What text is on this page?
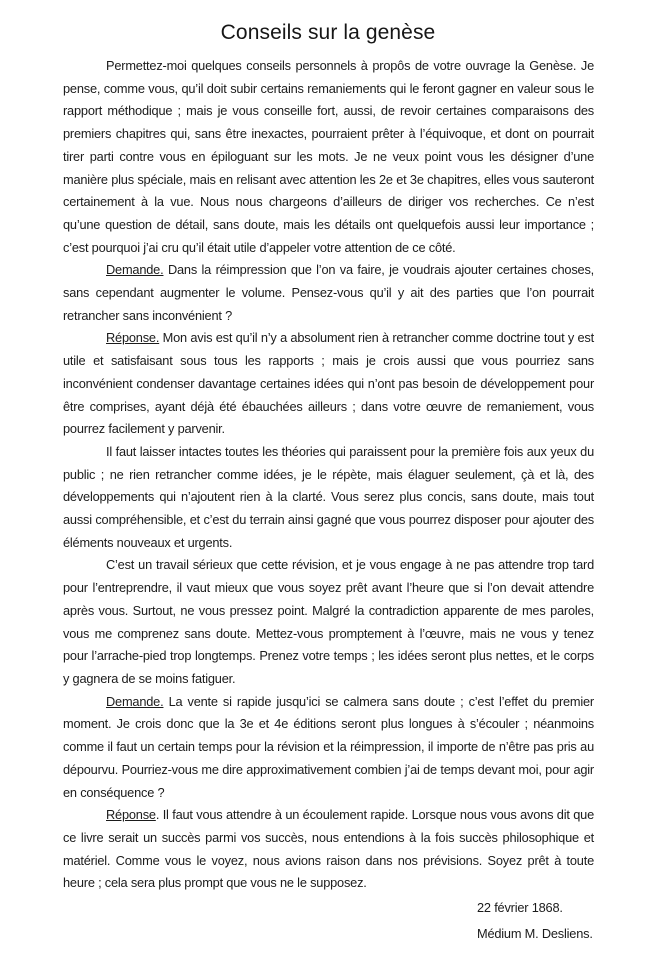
Conseils sur la genèse

Permettez-moi quelques conseils personnels à propôs de votre ouvrage la Genèse. Je pense, comme vous, qu’il doit subir certains remaniements qui le feront gagner en valeur sous le rapport méthodique ; mais je vous conseille fort, aussi, de revoir certaines comparaisons des premiers chapitres qui, sans être inexactes, pourraient prêter à l’équivoque, et dont on pourrait tirer parti contre vous en épiloguant sur les mots. Je ne veux point vous les désigner d’une manière plus spéciale, mais en relisant avec attention les 2e et 3e chapitres, elles vous sauteront certainement à la vue. Nous nous chargeons d’ailleurs de diriger vos recherches. Ce n’est qu’une question de détail, sans doute, mais les détails ont quelquefois aussi leur importance ; c’est pourquoi j’ai cru qu’il était utile d’appeler votre attention de ce côté.

Demande. Dans la réimpression que l’on va faire, je voudrais ajouter certaines choses, sans cependant augmenter le volume. Pensez-vous qu’il y ait des parties que l’on pourrait retrancher sans inconvénient ?

Réponse. Mon avis est qu’il n’y a absolument rien à retrancher comme doctrine tout y est utile et satisfaisant sous tous les rapports ; mais je crois aussi que vous pourriez sans inconvénient condenser davantage certaines idées qui n’ont pas besoin de développement pour être comprises, ayant déjà été ébauchées ailleurs ; dans votre œuvre de remaniement, vous pourrez facilement y parvenir.

Il faut laisser intactes toutes les théories qui paraissent pour la première fois aux yeux du public ; ne rien retrancher comme idées, je le répète, mais élaguer seulement, çà et là, des développements qui n’ajoutent rien à la clarté. Vous serez plus concis, sans doute, mais tout aussi compréhensible, et c’est du terrain ainsi gagné que vous pourrez disposer pour ajouter des éléments nouveaux et urgents.

C’est un travail sérieux que cette révision, et je vous engage à ne pas attendre trop tard pour l’entreprendre, il vaut mieux que vous soyez prêt avant l’heure que si l’on devait attendre après vous. Surtout, ne vous pressez point. Malgré la contradiction apparente de mes paroles, vous me comprenez sans doute. Mettez-vous promptement à l’œuvre, mais ne vous y tenez pour l’arrache-pied trop longtemps. Prenez votre temps ; les idées seront plus nettes, et le corps y gagnera de se moins fatiguer.

Demande. La vente si rapide jusqu’ici se calmera sans doute ; c’est l’effet du premier moment. Je crois donc que la 3e et 4e éditions seront plus longues à s’écouler ; néanmoins comme il faut un certain temps pour la révision et la réimpression, il importe de n’être pas pris au dépourvu. Pourriez-vous me dire approximativement combien j’ai de temps devant moi, pour agir en conséquence ?

Réponse. Il faut vous attendre à un écoulement rapide. Lorsque nous vous avons dit que ce livre serait un succès parmi vos succès, nous entendions à la fois succès philosophique et matériel. Comme vous le voyez, nous avions raison dans nos prévisions. Soyez prêt à toute heure ; cela sera plus prompt que vous ne le supposez.

22 février 1868.
Médium M. Desliens.
